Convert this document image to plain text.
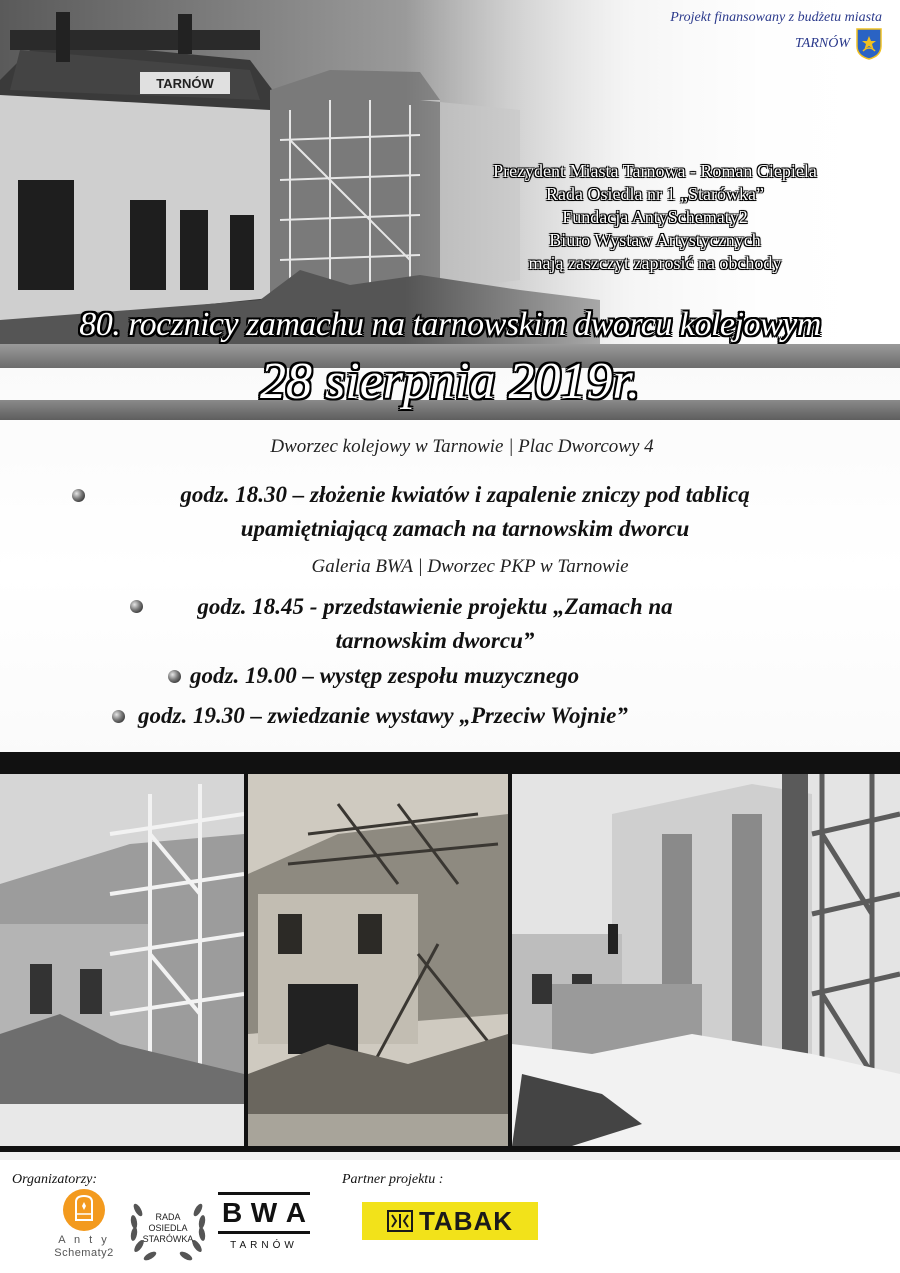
Projekt finansowany z budżetu miasta
TARNÓW
Prezydent Miasta Tarnowa - Roman Ciepiela
Rada Osiedla nr 1 „Starówka”
Fundacja AntySchematy2
Biuro Wystaw Artystycznych
mają zaszczyt zaprosić na obchody
80. rocznicy zamachu na tarnowskim dworcu kolejowym
28 sierpnia 2019r.
Dworzec kolejowy w Tarnowie | Plac Dworcowy 4
godz. 18.30 – złożenie kwiatów i zapalenie zniczy pod tablicą
upamiętniającą zamach na tarnowskim dworcu
Galeria BWA | Dworzec PKP w Tarnowie
godz. 18.45 - przedstawienie projektu „Zamach na
tarnowskim dworcu”
godz. 19.00 – występ zespołu muzycznego
godz. 19.30 – zwiedzanie wystawy „Przeciw Wojnie”
Organizatorzy:	Partner projektu :
A n t y
Schematy2
RADA
OSIEDLA
STARÓWKA
B W A
TARNÓW
TABAK
